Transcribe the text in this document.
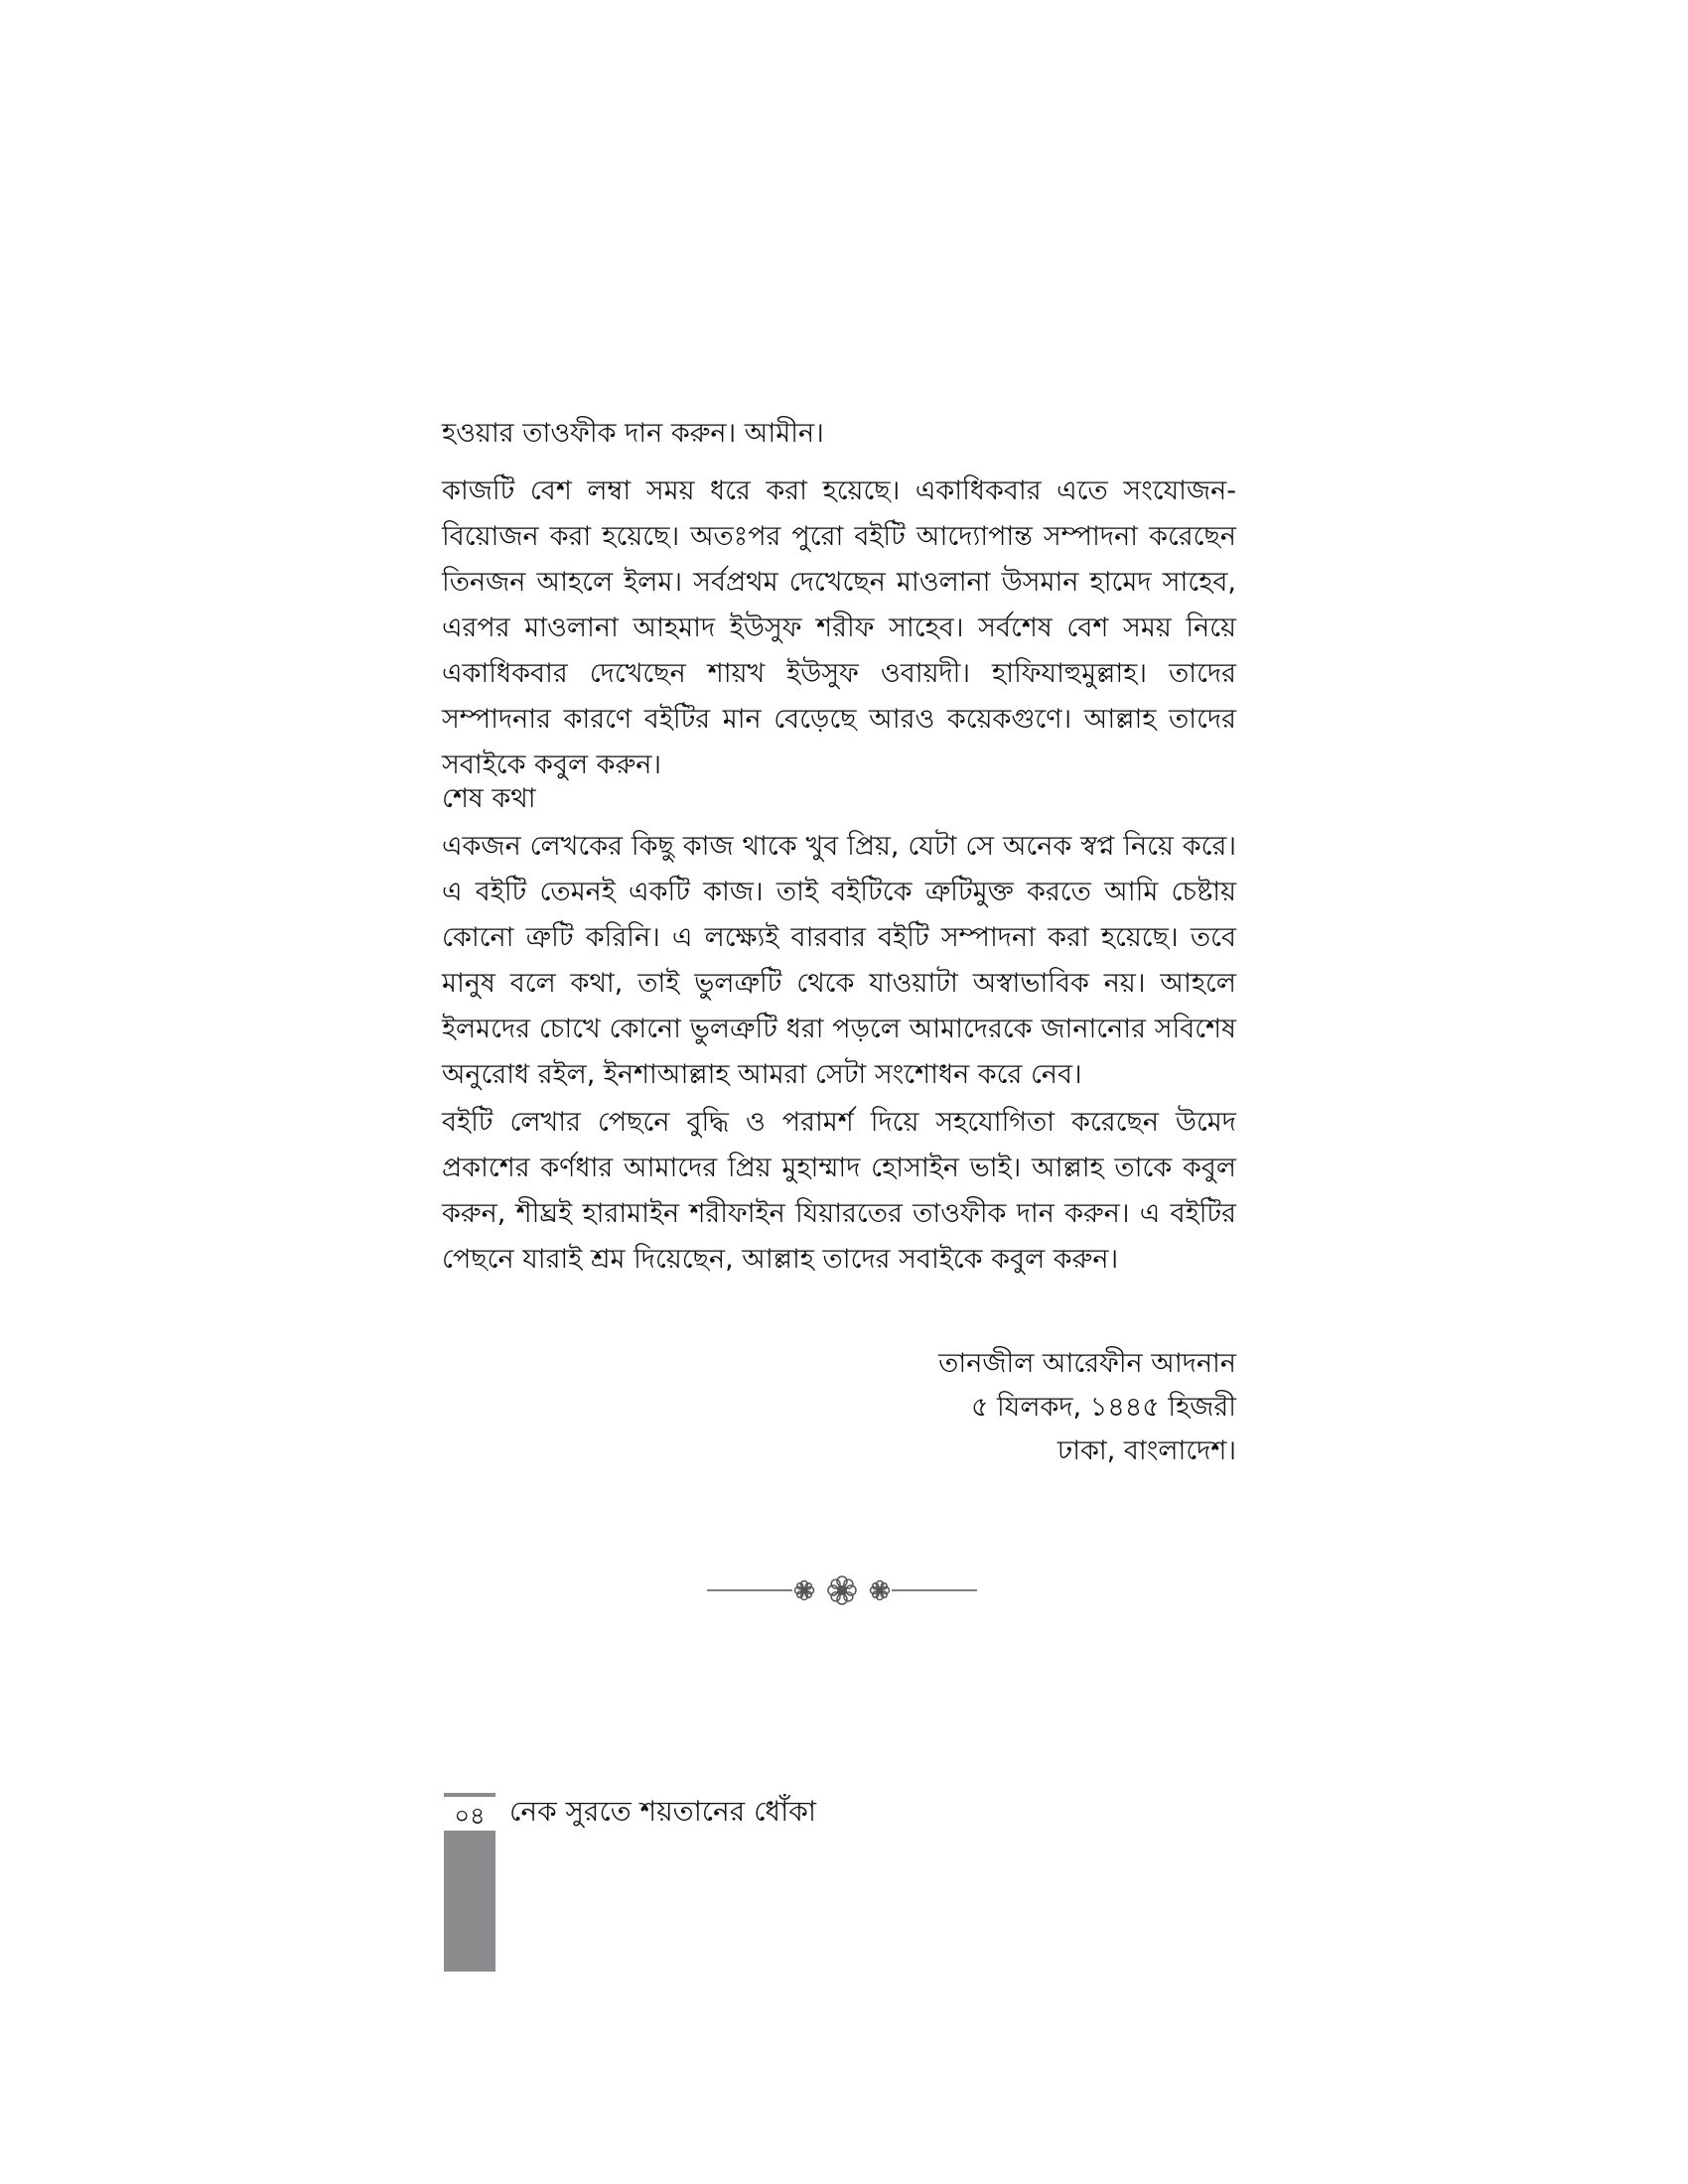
হওয়ার তাওফীক দান করুন। আমীন।

কাজটি বেশ লম্বা সময় ধরে করা হয়েছে। একাধিকবার এতে সংযোজন-বিয়োজন করা হয়েছে। অতঃপর পুরো বইটি আদ্যোপান্ত সম্পাদনা করেছেন তিনজন আহলে ইলম। সর্বপ্রথম দেখেছেন মাওলানা উসমান হামেদ সাহেব, এরপর মাওলানা আহমাদ ইউসুফ শরীফ সাহেব। সর্বশেষ বেশ সময় নিয়ে একাধিকবার দেখেছেন শায়খ ইউসুফ ওবায়দী। হাফিযাহুমুল্লাহ। তাদের সম্পাদনার কারণে বইটির মান বেড়েছে আরও কয়েকগুণে। আল্লাহ তাদের সবাইকে কবুল করুন।

শেষ কথা

একজন লেখকের কিছু কাজ থাকে খুব প্রিয়, যেটা সে অনেক স্বপ্ন নিয়ে করে। এ বইটি তেমনই একটি কাজ। তাই বইটিকে ত্রুটিমুক্ত করতে আমি চেষ্টায় কোনো ত্রুটি করিনি। এ লক্ষ্যেই বারবার বইটি সম্পাদনা করা হয়েছে। তবে মানুষ বলে কথা, তাই ভুলত্রুটি থেকে যাওয়াটা অস্বাভাবিক নয়। আহলে ইলমদের চোখে কোনো ভুলত্রুটি ধরা পড়লে আমাদেরকে জানানোর সবিশেষ অনুরোধ রইল, ইনশাআল্লাহ আমরা সেটা সংশোধন করে নেব।

বইটি লেখার পেছনে বুদ্ধি ও পরামর্শ দিয়ে সহযোগিতা করেছেন উমেদ প্রকাশের কর্ণধার আমাদের প্রিয় মুহাম্মাদ হোসাইন ভাই। আল্লাহ তাকে কবুল করুন, শীঘ্রই হারামাইন শরীফাইন যিয়ারতের তাওফীক দান করুন। এ বইটির পেছনে যারাই শ্রম দিয়েছেন, আল্লাহ তাদের সবাইকে কবুল করুন।

তানজীল আরেফীন আদনান
৫ যিলকদ, ১৪৪৫ হিজরী
ঢাকা, বাংলাদেশ।
০৪ নেক সুরতে শয়তানের ধোঁকা
